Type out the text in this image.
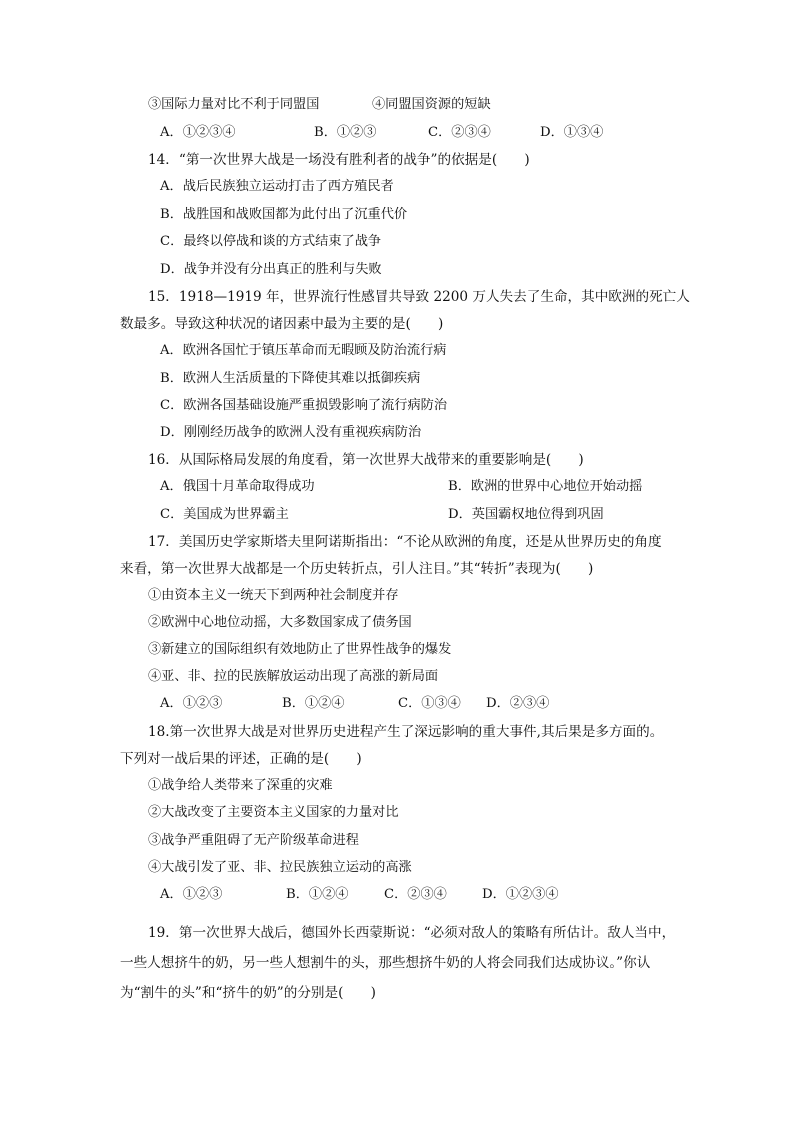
③国际力量对比不利于同盟国	④同盟国资源的短缺
A．①②③④	B．①②③	C．②③④	D．①③④
14．“第一次世界大战是一场没有胜利者的战争”的依据是(　　)
A．战后民族独立运动打击了西方殖民者
B．战胜国和战败国都为此付出了沉重代价
C．最终以停战和谈的方式结束了战争
D．战争并没有分出真正的胜利与失败
15．1918—1919 年，世界流行性感冒共导致 2200 万人失去了生命，其中欧洲的死亡人
数最多。导致这种状况的诸因素中最为主要的是(　　)
A．欧洲各国忙于镇压革命而无暇顾及防治流行病
B．欧洲人生活质量的下降使其难以抵御疾病
C．欧洲各国基础设施严重损毁影响了流行病防治
D．刚刚经历战争的欧洲人没有重视疾病防治
16．从国际格局发展的角度看，第一次世界大战带来的重要影响是(　　)
A．俄国十月革命取得成功	B．欧洲的世界中心地位开始动摇
C．美国成为世界霸主	D．英国霸权地位得到巩固
17．美国历史学家斯塔夫里阿诺斯指出：“不论从欧洲的角度，还是从世界历史的角度
来看，第一次世界大战都是一个历史转折点，引人注目。”其“转折”表现为(　　)
①由资本主义一统天下到两种社会制度并存
②欧洲中心地位动摇，大多数国家成了债务国
③新建立的国际组织有效地防止了世界性战争的爆发
④亚、非、拉的民族解放运动出现了高涨的新局面
A．①②③	B．①②④	C．①③④ D．②③④
18.第一次世界大战是对世界历史进程产生了深远影响的重大事件,其后果是多方面的。
下列对一战后果的评述，正确的是(　　)
①战争给人类带来了深重的灾难
②大战改变了主要资本主义国家的力量对比
③战争严重阻碍了无产阶级革命进程
④大战引发了亚、非、拉民族独立运动的高涨
A．①②③	B．①②④	C．②③④	D．①②③④
19．第一次世界大战后，德国外长西蒙斯说：“必须对敌人的策略有所估计。敌人当中，
一些人想挤牛的奶，另一些人想割牛的头，那些想挤牛奶的人将会同我们达成协议。”你认
为“割牛的头”和“挤牛的奶”的分别是(　　)
